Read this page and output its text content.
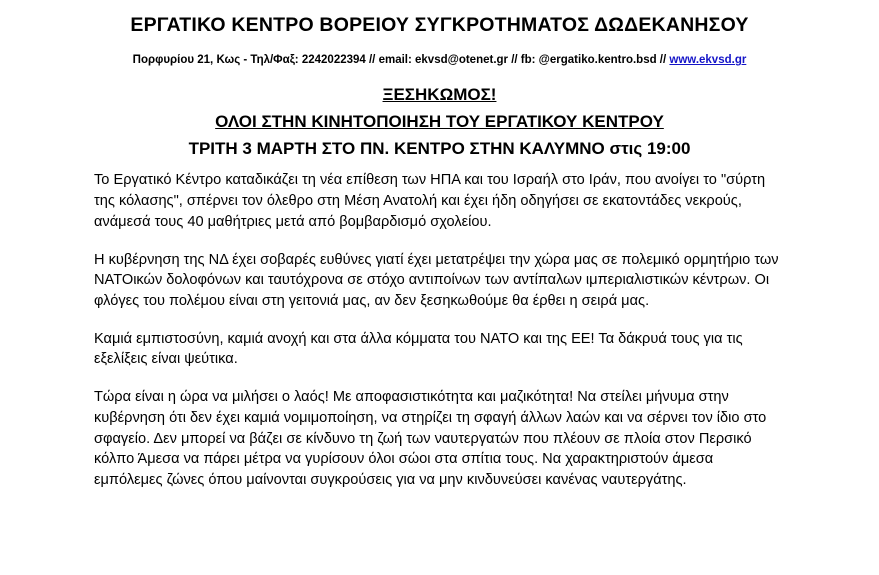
ΕΡΓΑΤΙΚΟ ΚΕΝΤΡΟ ΒΟΡΕΙΟΥ ΣΥΓΚΡΟΤΗΜΑΤΟΣ ΔΩΔΕΚΑΝΗΣΟΥ
Πορφυρίου 21, Κως - Τηλ/Φαξ: 2242022394 // email: ekvsd@otenet.gr // fb: @ergatiko.kentro.bsd // www.ekvsd.gr
ΞΕΣΗΚΩΜΟΣ!
ΟΛΟΙ ΣΤΗΝ ΚΙΝΗΤΟΠΟΙΗΣΗ ΤΟΥ ΕΡΓΑΤΙΚΟΥ ΚΕΝΤΡΟΥ
ΤΡΙΤΗ 3 ΜΑΡΤΗ ΣΤΟ ΠΝ. ΚΕΝΤΡΟ ΣΤΗΝ ΚΑΛΥΜΝΟ στις 19:00

Το Εργατικό Κέντρο καταδικάζει τη νέα επίθεση των ΗΠΑ και του Ισραήλ στο Ιράν, που ανοίγει το "σύρτη της κόλασης", σπέρνει τον όλεθρο στη Μέση Ανατολή και έχει ήδη οδηγήσει σε εκατοντάδες νεκρούς, ανάμεσά τους 40 μαθήτριες μετά από βομβαρδισμό σχολείου.

Η κυβέρνηση της ΝΔ έχει σοβαρές ευθύνες γιατί έχει μετατρέψει την χώρα μας σε πολεμικό ορμητήριο των ΝΑΤΟικών δολοφόνων και ταυτόχρονα σε στόχο αντιποίνων των αντίπαλων ιμπεριαλιστικών κέντρων. Οι φλόγες του πολέμου είναι στη γειτονιά μας, αν δεν ξεσηκωθούμε θα έρθει η σειρά μας.

Καμιά εμπιστοσύνη, καμιά ανοχή και στα άλλα κόμματα του ΝΑΤΟ και της ΕΕ! Τα δάκρυά τους για τις εξελίξεις είναι ψεύτικα.

Τώρα είναι η ώρα να μιλήσει ο λαός! Με αποφασιστικότητα και μαζικότητα! Να στείλει μήνυμα στην κυβέρνηση ότι δεν έχει καμιά νομιμοποίηση, να στηρίζει τη σφαγή άλλων λαών και να σέρνει τον ίδιο στο σφαγείο. Δεν μπορεί να βάζει σε κίνδυνο τη ζωή των ναυτεργατών που πλέουν σε πλοία στον Περσικό κόλπο Άμεσα να πάρει μέτρα να γυρίσουν όλοι σώοι στα σπίτια τους. Να χαρακτηριστούν άμεσα εμπόλεμες ζώνες όπου μαίνονται συγκρούσεις για να μην κινδυνεύσει κανένας ναυτεργάτης.
